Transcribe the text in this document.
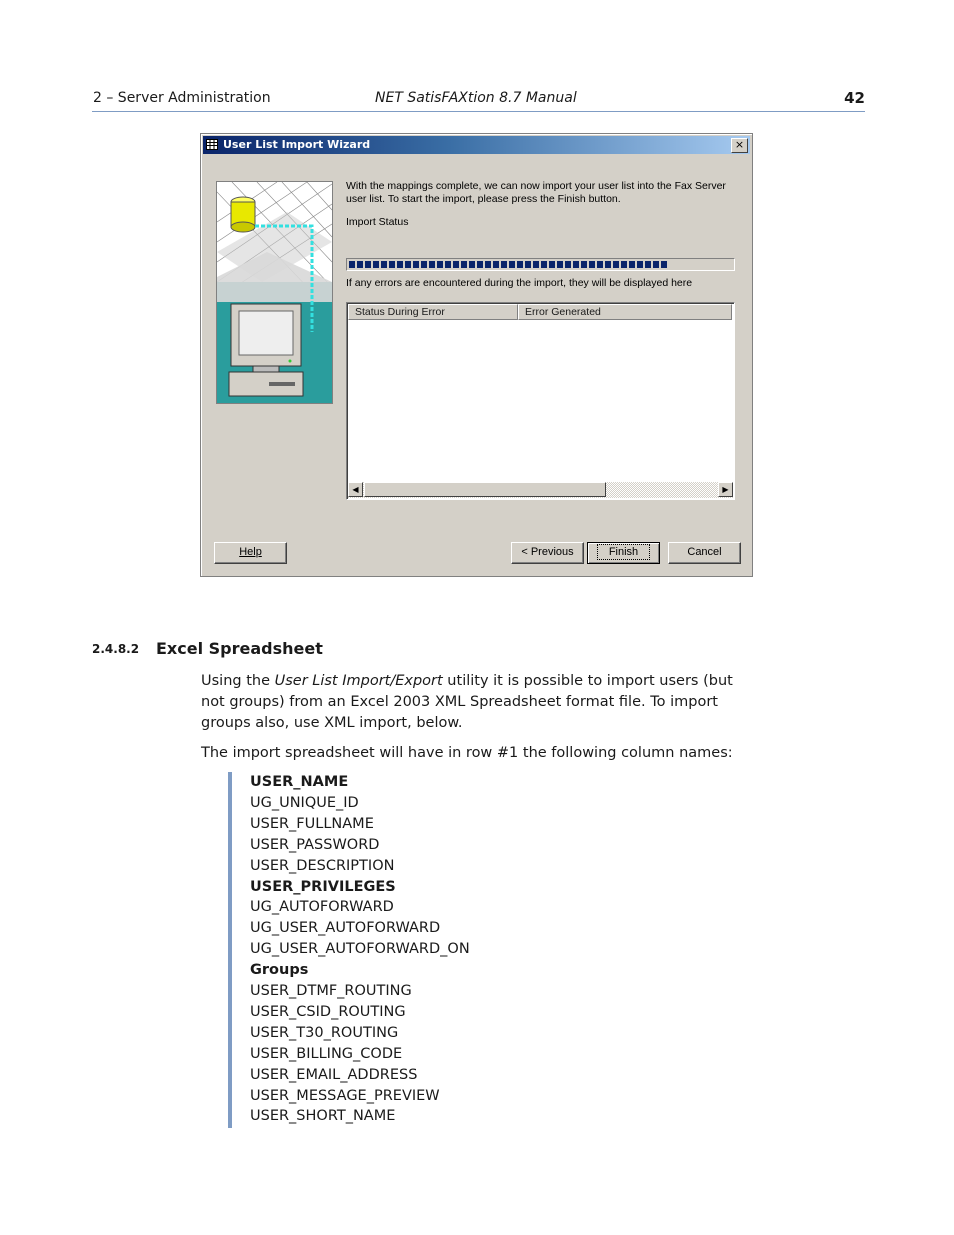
2 – Server Administration	NET SatisFAXtion 8.7 Manual	42
User List Import Wizard	×
With the mappings complete, we can now import your user list into the Fax Server
user list. To start the import, please press the Finish button.
Import Status
If any errors are encountered during the import, they will be displayed here
Status During Error	Error Generated
◀	▶
Help	< Previous	Finish	Cancel
2.4.8.2 Excel Spreadsheet
Using the User List Import/Export utility it is possible to import users (but not groups) from an Excel 2003 XML Spreadsheet format file. To import groups also, use XML import, below.
The import spreadsheet will have in row #1 the following column names:
USER_NAME
UG_UNIQUE_ID
USER_FULLNAME
USER_PASSWORD
USER_DESCRIPTION
USER_PRIVILEGES
UG_AUTOFORWARD
UG_USER_AUTOFORWARD
UG_USER_AUTOFORWARD_ON
Groups
USER_DTMF_ROUTING
USER_CSID_ROUTING
USER_T30_ROUTING
USER_BILLING_CODE
USER_EMAIL_ADDRESS
USER_MESSAGE_PREVIEW
USER_SHORT_NAME
